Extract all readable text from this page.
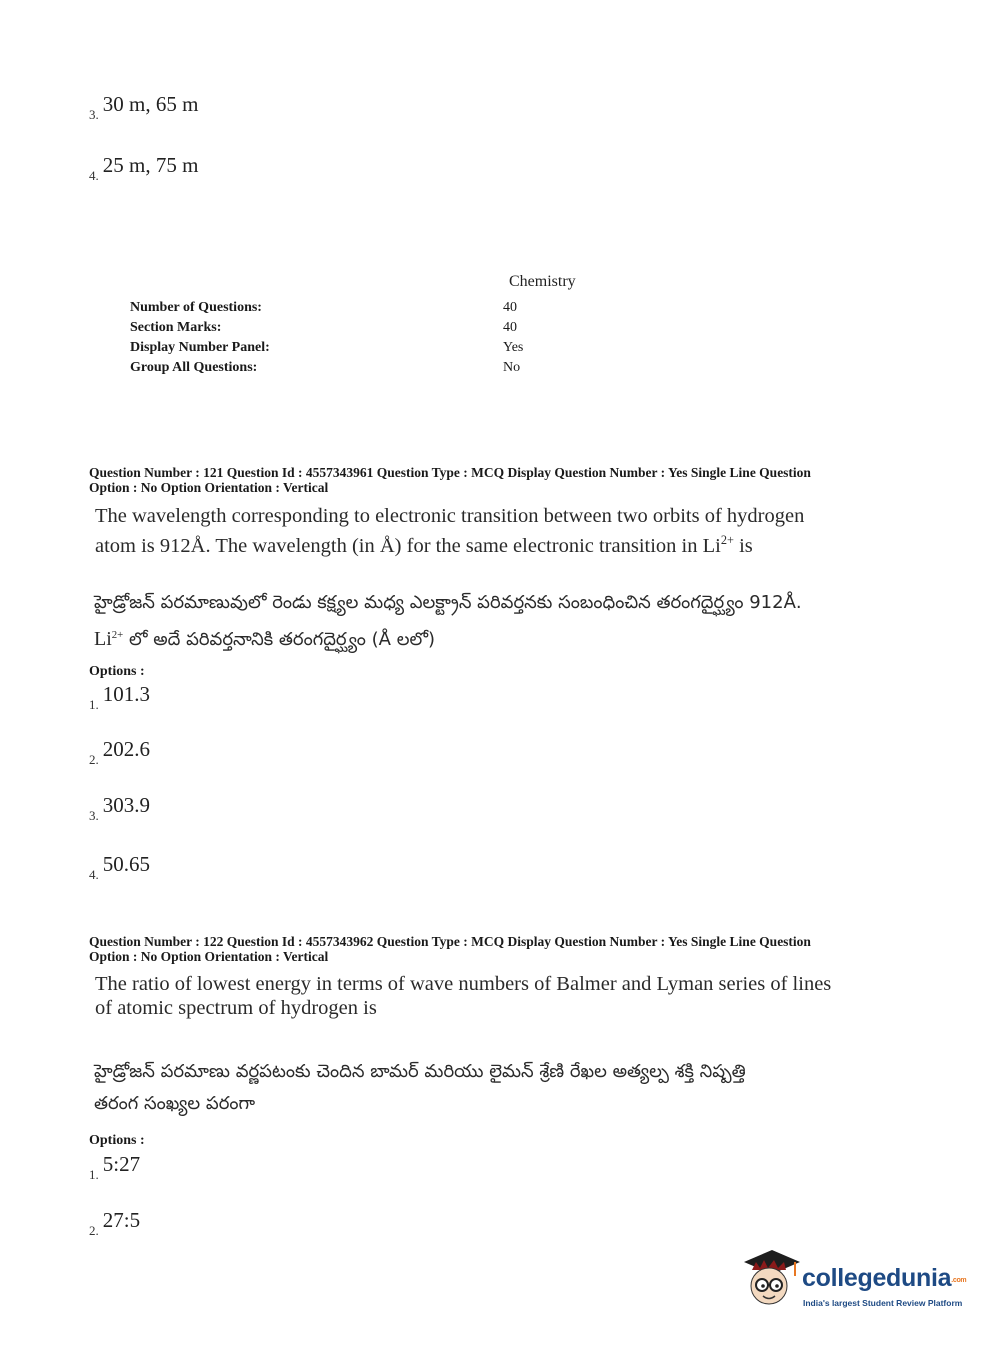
$_{3.}$ 30 m, 65 m
$_{4.}$ 25 m, 75 m
Chemistry
Number of Questions:	40
Section Marks:	40
Display Number Panel:	Yes
Group All Questions:	No
Question Number : 121 Question Id : 4557343961 Question Type : MCQ Display Question Number : Yes Single Line Question
Option : No Option Orientation : Vertical
The wavelength corresponding to electronic transition between two orbits of hydrogen
atom is 912Å. The wavelength (in Å) for the same electronic transition in $Li^{2+}$ is
హైడ్రోజన్ పరమాణువులో రెండు కక్ష్యల మధ్య ఎలక్ట్రాన్ పరివర్తనకు సంబంధించిన తరంగదైర్ఘ్యం 912Å.
$Li^{2+}$ లో అదే పరివర్తనానికి తరంగదైర్ఘ్యం (Å లలో)
Options :
$_{1.}$ 101.3
$_{2.}$ 202.6
$_{3.}$ 303.9
$_{4.}$ 50.65
Question Number : 122 Question Id : 4557343962 Question Type : MCQ Display Question Number : Yes Single Line Question
Option : No Option Orientation : Vertical
The ratio of lowest energy in terms of wave numbers of Balmer and Lyman series of lines
of atomic spectrum of hydrogen is
హైడ్రోజన్ పరమాణు వర్ణపటంకు చెందిన బామర్ మరియు లైమన్ శ్రేణి రేఖల అత్యల్ప శక్తి నిష్పత్తి
తరంగ సంఖ్యల పరంగా
Options :
$_{1.}$ 5:27
$_{2.}$ 27:5
collegedunia.com
India's largest Student Review Platform
